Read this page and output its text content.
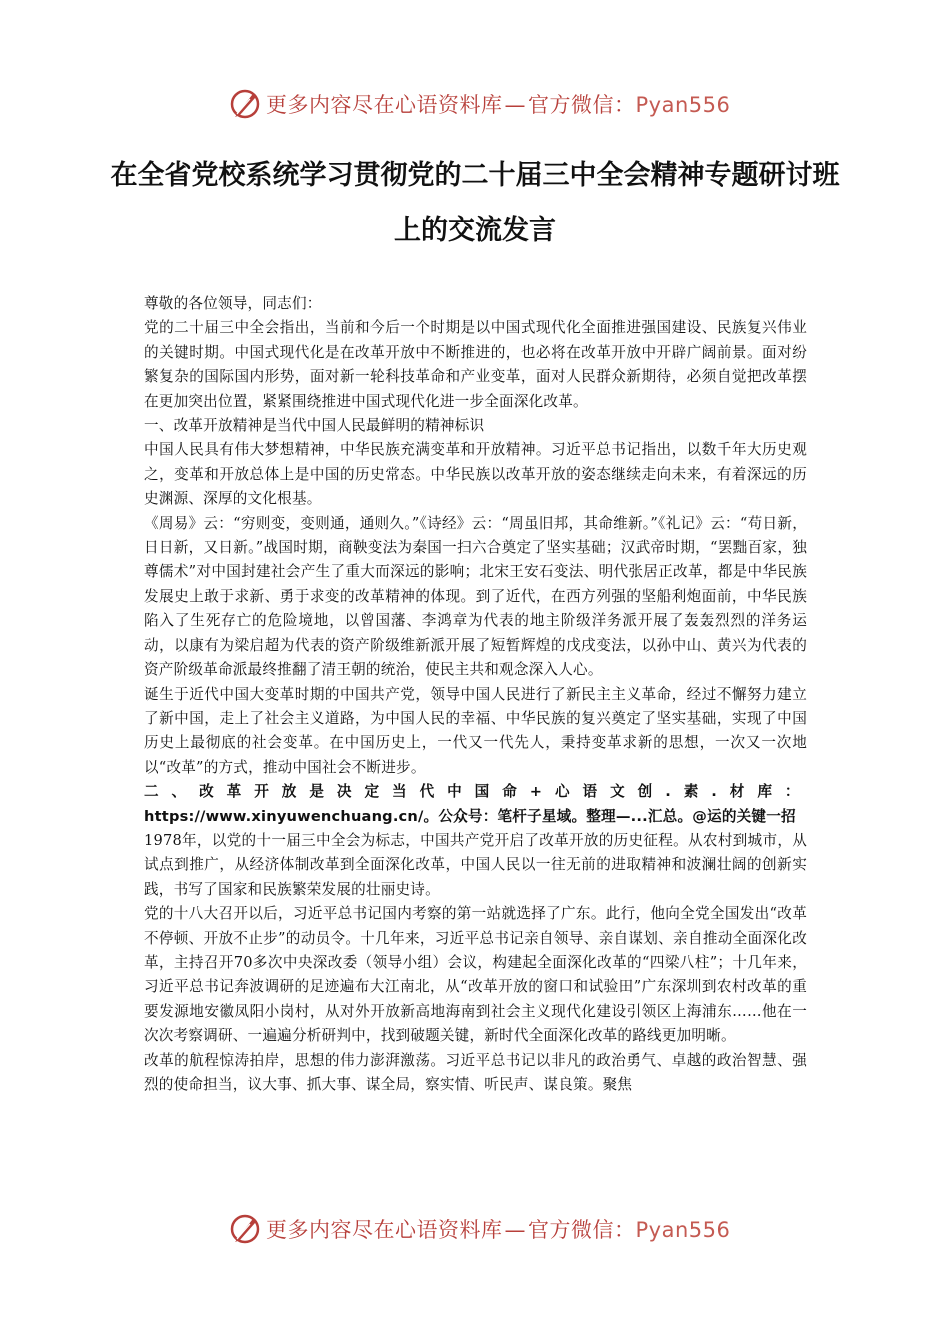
更多内容尽在心语资料库—官方微信：Pyan556
在全省党校系统学习贯彻党的二十届三中全会精神专题研讨班上的交流发言

尊敬的各位领导，同志们：

党的二十届三中全会指出，当前和今后一个时期是以中国式现代化全面推进强国建设、民族复兴伟业的关键时期。中国式现代化是在改革开放中不断推进的，也必将在改革开放中开辟广阔前景。面对纷繁复杂的国际国内形势，面对新一轮科技革命和产业变革，面对人民群众新期待，必须自觉把改革摆在更加突出位置，紧紧围绕推进中国式现代化进一步全面深化改革。

一、改革开放精神是当代中国人民最鲜明的精神标识

中国人民具有伟大梦想精神，中华民族充满变革和开放精神。习近平总书记指出，以数千年大历史观之，变革和开放总体上是中国的历史常态。中华民族以改革开放的姿态继续走向未来，有着深远的历史渊源、深厚的文化根基。

《周易》云：“穷则变，变则通，通则久。”《诗经》云：“周虽旧邦，其命维新。”《礼记》云：“苟日新，日日新，又日新。”战国时期，商鞅变法为秦国一扫六合奠定了坚实基础；汉武帝时期，“罢黜百家，独尊儒术”对中国封建社会产生了重大而深远的影响；北宋王安石变法、明代张居正改革，都是中华民族发展史上敢于求新、勇于求变的改革精神的体现。到了近代，在西方列强的坚船利炮面前，中华民族陷入了生死存亡的危险境地，以曾国藩、李鸿章为代表的地主阶级洋务派开展了轰轰烈烈的洋务运动，以康有为梁启超为代表的资产阶级维新派开展了短暂辉煌的戊戌变法，以孙中山、黄兴为代表的资产阶级革命派最终推翻了清王朝的统治，使民主共和观念深入人心。

诞生于近代中国大变革时期的中国共产党，领导中国人民进行了新民主主义革命，经过不懈努力建立了新中国，走上了社会主义道路，为中国人民的幸福、中华民族的复兴奠定了坚实基础，实现了中国历史上最彻底的社会变革。在中国历史上，一代又一代先人，秉持变革求新的思想，一次又一次地以“改革”的方式，推动中国社会不断进步。

二、改革开放是决定当代中国命+心语文创.素.材库： https://www.xinyuwenchuang.cn/。公众号：笔杆子星域。整理—...汇总。@运的关键一招

1978年，以党的十一届三中全会为标志，中国共产党开启了改革开放的历史征程。从农村到城市，从试点到推广，从经济体制改革到全面深化改革，中国人民以一往无前的进取精神和波澜壮阔的创新实践，书写了国家和民族繁荣发展的壮丽史诗。

党的十八大召开以后，习近平总书记国内考察的第一站就选择了广东。此行，他向全党全国发出“改革不停顿、开放不止步”的动员令。十几年来，习近平总书记亲自领导、亲自谋划、亲自推动全面深化改革，主持召开70多次中央深改委（领导小组）会议，构建起全面深化改革的“四梁八柱”；十几年来，习近平总书记奔波调研的足迹遍布大江南北，从“改革开放的窗口和试验田”广东深圳到农村改革的重要发源地安徽凤阳小岗村，从对外开放新高地海南到社会主义现代化建设引领区上海浦东……他在一次次考察调研、一遍遍分析研判中，找到破题关键，新时代全面深化改革的路线更加明晰。

改革的航程惊涛拍岸，思想的伟力澎湃激荡。习近平总书记以非凡的政治勇气、卓越的政治智慧、强烈的使命担当，议大事、抓大事、谋全局，察实情、听民声、谋良策。聚焦

更多内容尽在心语资料库—官方微信：Pyan556
